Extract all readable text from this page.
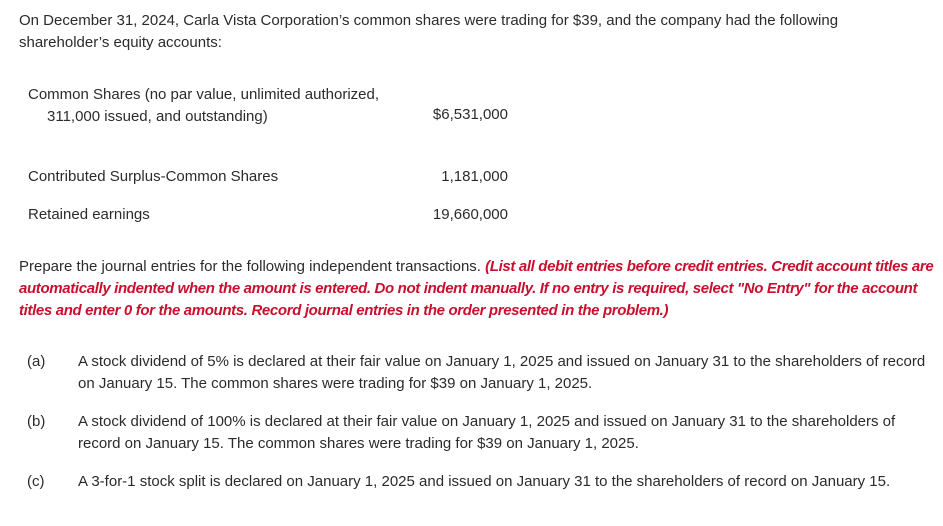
On December 31, 2024, Carla Vista Corporation’s common shares were trading for $39, and the company had the following shareholder’s equity accounts:

Common Shares (no par value, unlimited authorized,
311,000 issued, and outstanding)	$6,531,000
Contributed Surplus-Common Shares	1,181,000
Retained earnings	19,660,000

Prepare the journal entries for the following independent transactions. (List all debit entries before credit entries. Credit account titles are automatically indented when the amount is entered. Do not indent manually. If no entry is required, select "No Entry" for the account titles and enter 0 for the amounts. Record journal entries in the order presented in the problem.)

(a)	A stock dividend of 5% is declared at their fair value on January 1, 2025 and issued on January 31 to the shareholders of record on January 15. The common shares were trading for $39 on January 1, 2025.
(b)	A stock dividend of 100% is declared at their fair value on January 1, 2025 and issued on January 31 to the shareholders of record on January 15. The common shares were trading for $39 on January 1, 2025.
(c)	A 3-for-1 stock split is declared on January 1, 2025 and issued on January 31 to the shareholders of record on January 15.
